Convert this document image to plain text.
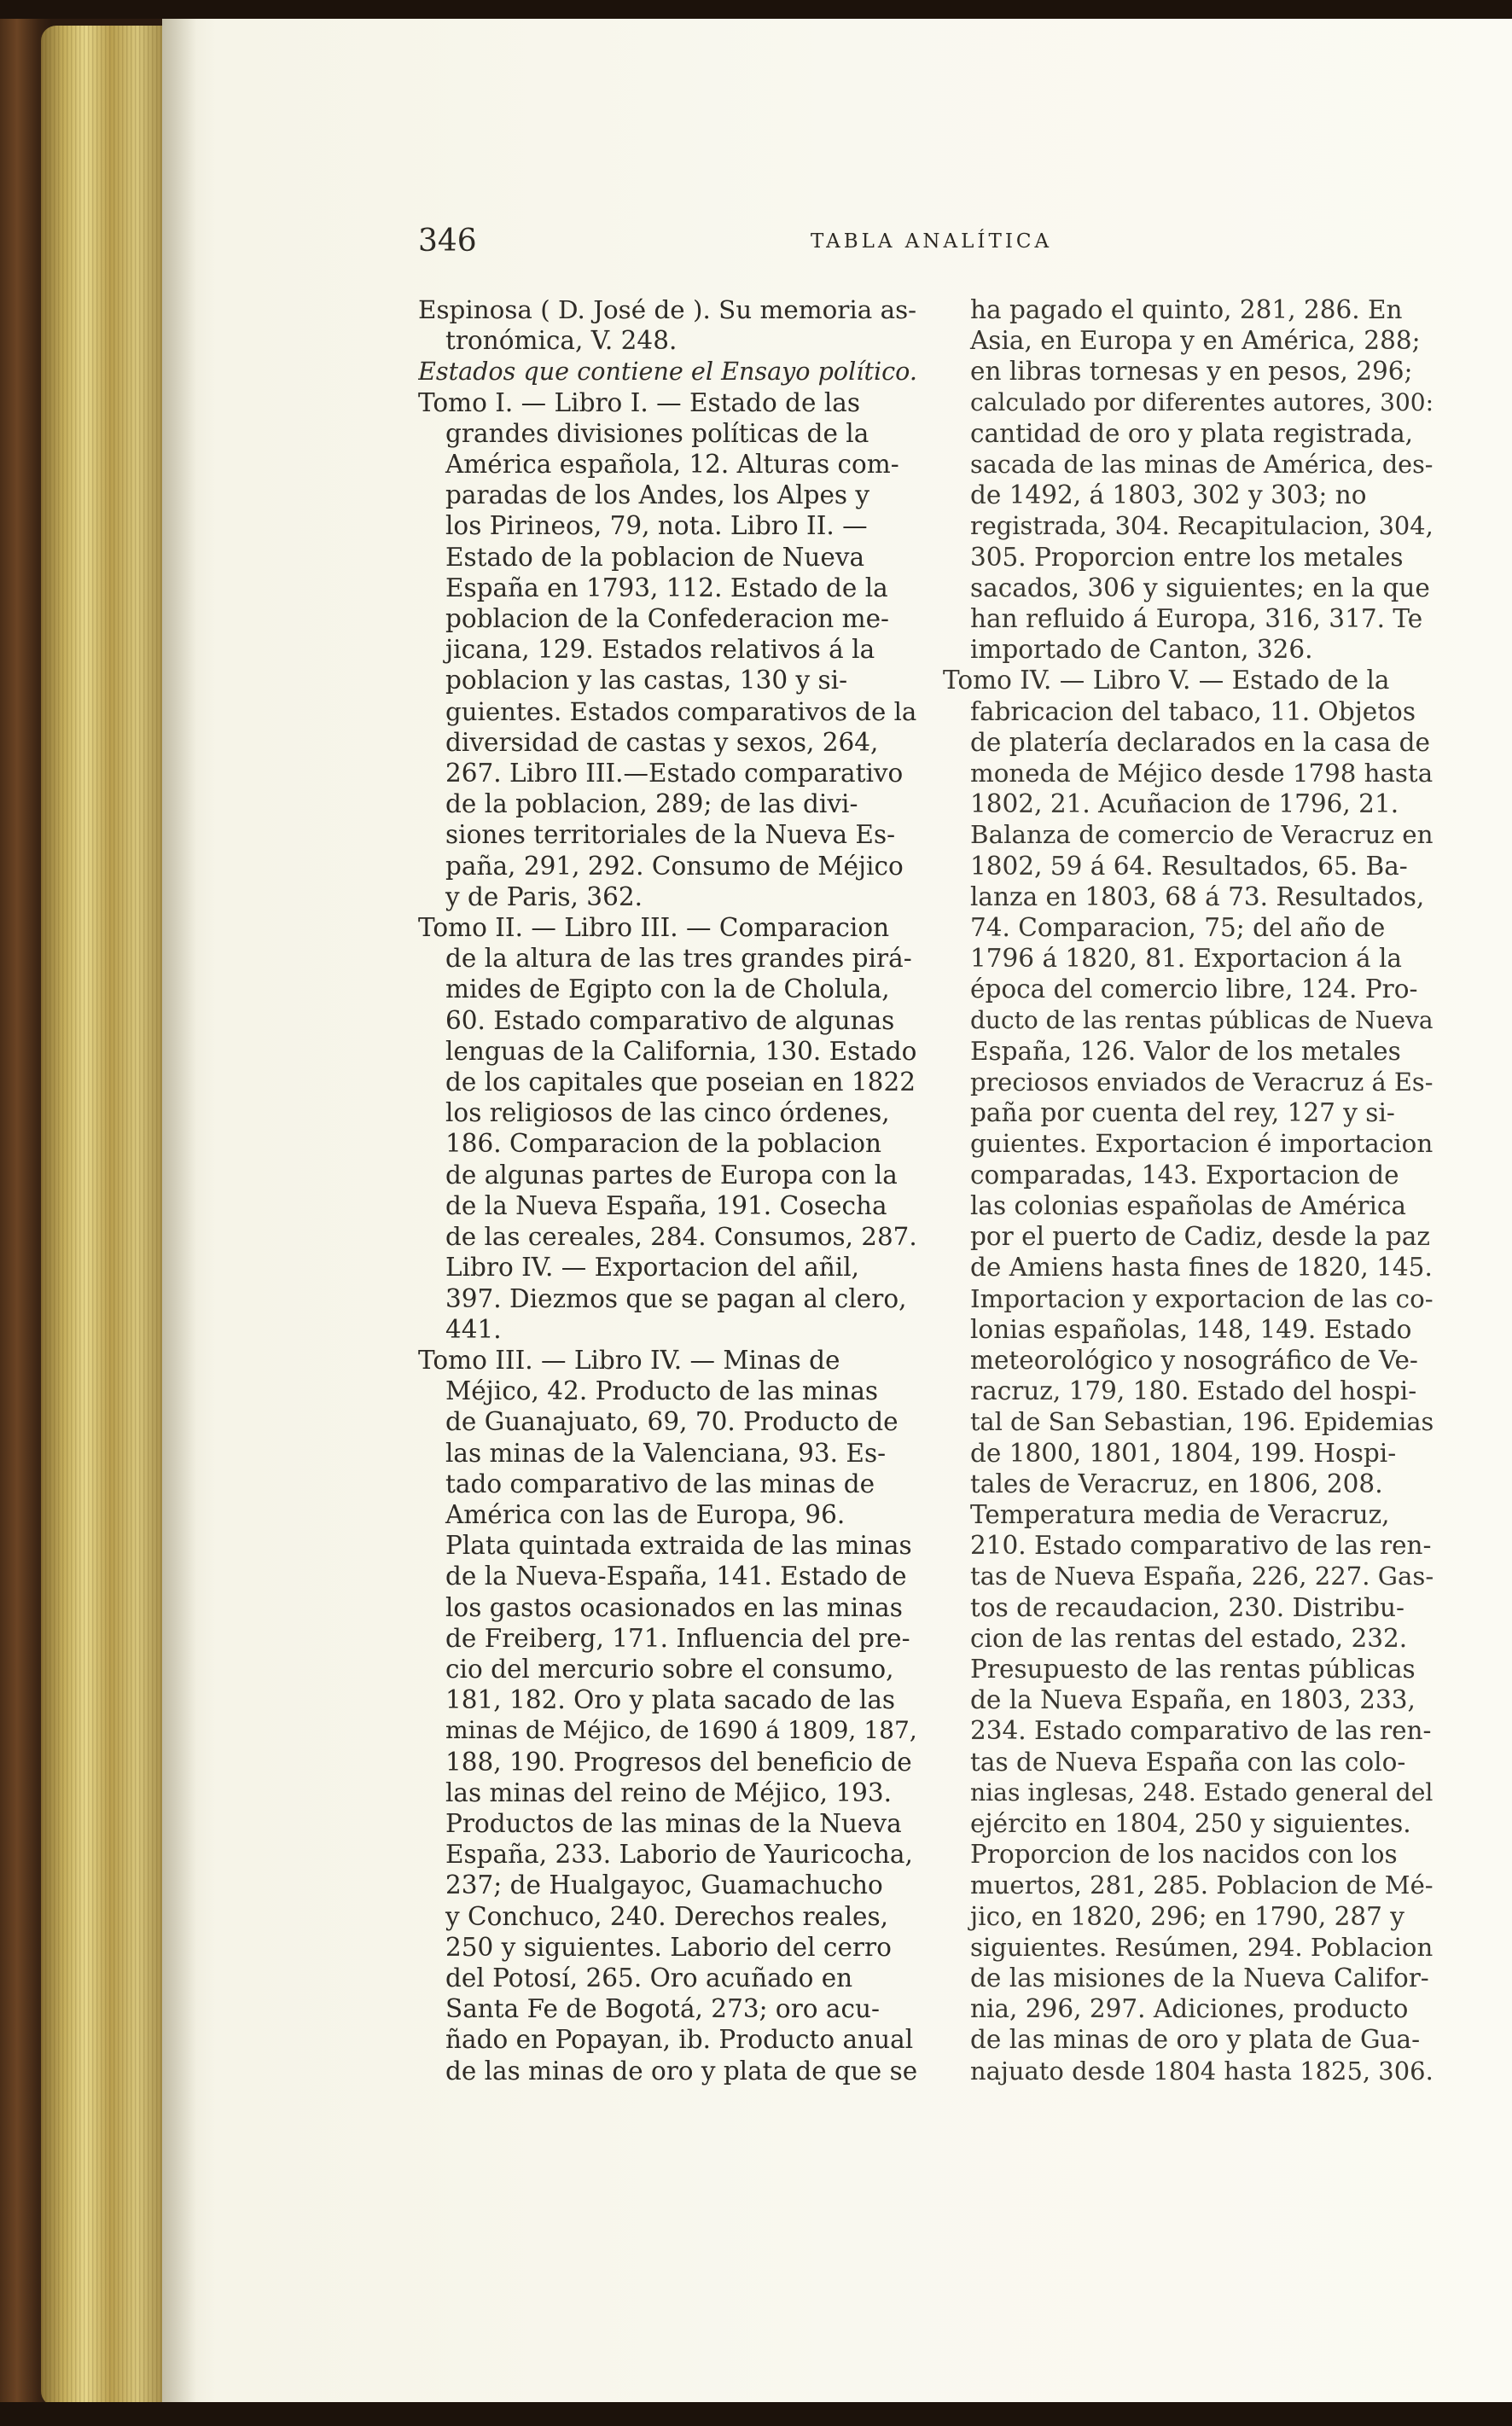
346	TABLA ANALÍTICA
Espinosa ( D. José de ). Su memoria as-
tronómica, V. 248.
Estados que contiene el Ensayo político.
Tomo I. — Libro I. — Estado de las
grandes divisiones políticas de la
América española, 12. Alturas com-
paradas de los Andes, los Alpes y
los Pirineos, 79, nota. Libro II. —
Estado de la poblacion de Nueva
España en 1793, 112. Estado de la
poblacion de la Confederacion me-
jicana, 129. Estados relativos á la
poblacion y las castas, 130 y si-
guientes. Estados comparativos de la
diversidad de castas y sexos, 264,
267. Libro III.—Estado comparativo
de la poblacion, 289; de las divi-
siones territoriales de la Nueva Es-
paña, 291, 292. Consumo de Méjico
y de Paris, 362.
Tomo II. — Libro III. — Comparacion
de la altura de las tres grandes pirá-
mides de Egipto con la de Cholula,
60. Estado comparativo de algunas
lenguas de la California, 130. Estado
de los capitales que poseian en 1822
los religiosos de las cinco órdenes,
186. Comparacion de la poblacion
de algunas partes de Europa con la
de la Nueva España, 191. Cosecha
de las cereales, 284. Consumos, 287.
Libro IV. — Exportacion del añil,
397. Diezmos que se pagan al clero,
441.
Tomo III. — Libro IV. — Minas de
Méjico, 42. Producto de las minas
de Guanajuato, 69, 70. Producto de
las minas de la Valenciana, 93. Es-
tado comparativo de las minas de
América con las de Europa, 96.
Plata quintada extraida de las minas
de la Nueva-España, 141. Estado de
los gastos ocasionados en las minas
de Freiberg, 171. Influencia del pre-
cio del mercurio sobre el consumo,
181, 182. Oro y plata sacado de las
minas de Méjico, de 1690 á 1809, 187,
188, 190. Progresos del beneficio de
las minas del reino de Méjico, 193.
Productos de las minas de la Nueva
España, 233. Laborio de Yauricocha,
237; de Hualgayoc, Guamachucho
y Conchuco, 240. Derechos reales,
250 y siguientes. Laborio del cerro
del Potosí, 265. Oro acuñado en
Santa Fe de Bogotá, 273; oro acu-
ñado en Popayan, ib. Producto anual
de las minas de oro y plata de que se
ha pagado el quinto, 281, 286. En
Asia, en Europa y en América, 288;
en libras tornesas y en pesos, 296;
calculado por diferentes autores, 300:
cantidad de oro y plata registrada,
sacada de las minas de América, des-
de 1492, á 1803, 302 y 303; no
registrada, 304. Recapitulacion, 304,
305. Proporcion entre los metales
sacados, 306 y siguientes; en la que
han refluido á Europa, 316, 317. Te
importado de Canton, 326.
Tomo IV. — Libro V. — Estado de la
fabricacion del tabaco, 11. Objetos
de platería declarados en la casa de
moneda de Méjico desde 1798 hasta
1802, 21. Acuñacion de 1796, 21.
Balanza de comercio de Veracruz en
1802, 59 á 64. Resultados, 65. Ba-
lanza en 1803, 68 á 73. Resultados,
74. Comparacion, 75; del año de
1796 á 1820, 81. Exportacion á la
época del comercio libre, 124. Pro-
ducto de las rentas públicas de Nueva
España, 126. Valor de los metales
preciosos enviados de Veracruz á Es-
paña por cuenta del rey, 127 y si-
guientes. Exportacion é importacion
comparadas, 143. Exportacion de
las colonias españolas de América
por el puerto de Cadiz, desde la paz
de Amiens hasta fines de 1820, 145.
Importacion y exportacion de las co-
lonias españolas, 148, 149. Estado
meteorológico y nosográfico de Ve-
racruz, 179, 180. Estado del hospi-
tal de San Sebastian, 196. Epidemias
de 1800, 1801, 1804, 199. Hospi-
tales de Veracruz, en 1806, 208.
Temperatura media de Veracruz,
210. Estado comparativo de las ren-
tas de Nueva España, 226, 227. Gas-
tos de recaudacion, 230. Distribu-
cion de las rentas del estado, 232.
Presupuesto de las rentas públicas
de la Nueva España, en 1803, 233,
234. Estado comparativo de las ren-
tas de Nueva España con las colo-
nias inglesas, 248. Estado general del
ejército en 1804, 250 y siguientes.
Proporcion de los nacidos con los
muertos, 281, 285. Poblacion de Mé-
jico, en 1820, 296; en 1790, 287 y
siguientes. Resúmen, 294. Poblacion
de las misiones de la Nueva Califor-
nia, 296, 297. Adiciones, producto
de las minas de oro y plata de Gua-
najuato desde 1804 hasta 1825, 306.
